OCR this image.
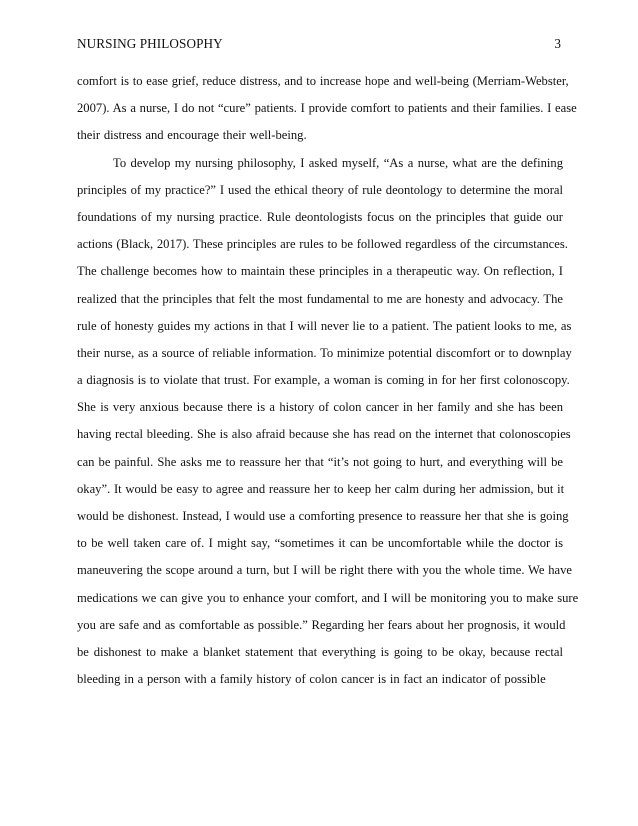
NURSING PHILOSOPHY	3
comfort is to ease grief, reduce distress, and to increase hope and well-being (Merriam-Webster,
2007). As a nurse, I do not “cure” patients. I provide comfort to patients and their families. I ease
their distress and encourage their well-being.
To develop my nursing philosophy, I asked myself, “As a nurse, what are the defining
principles of my practice?” I used the ethical theory of rule deontology to determine the moral
foundations of my nursing practice. Rule deontologists focus on the principles that guide our
actions (Black, 2017). These principles are rules to be followed regardless of the circumstances.
The challenge becomes how to maintain these principles in a therapeutic way. On reflection, I
realized that the principles that felt the most fundamental to me are honesty and advocacy. The
rule of honesty guides my actions in that I will never lie to a patient. The patient looks to me, as
their nurse, as a source of reliable information. To minimize potential discomfort or to downplay
a diagnosis is to violate that trust. For example, a woman is coming in for her first colonoscopy.
She is very anxious because there is a history of colon cancer in her family and she has been
having rectal bleeding. She is also afraid because she has read on the internet that colonoscopies
can be painful. She asks me to reassure her that “it’s not going to hurt, and everything will be
okay”. It would be easy to agree and reassure her to keep her calm during her admission, but it
would be dishonest. Instead, I would use a comforting presence to reassure her that she is going
to be well taken care of. I might say, “sometimes it can be uncomfortable while the doctor is
maneuvering the scope around a turn, but I will be right there with you the whole time. We have
medications we can give you to enhance your comfort, and I will be monitoring you to make sure
you are safe and as comfortable as possible.” Regarding her fears about her prognosis, it would
be dishonest to make a blanket statement that everything is going to be okay, because rectal
bleeding in a person with a family history of colon cancer is in fact an indicator of possible
